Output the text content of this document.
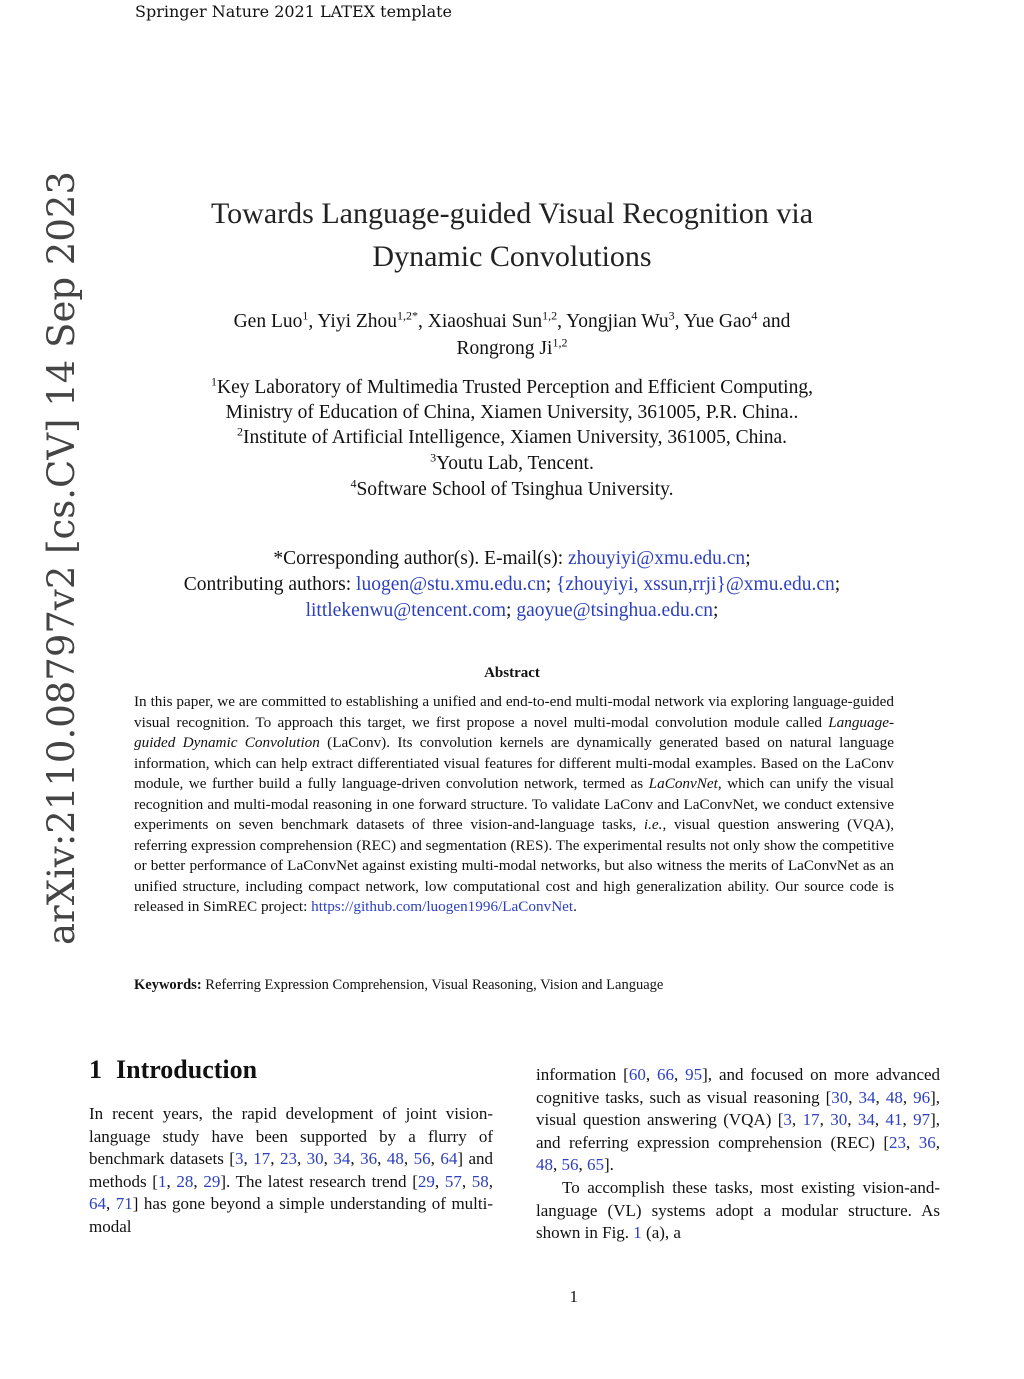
Springer Nature 2021 LATEX template
arXiv:2110.08797v2 [cs.CV] 14 Sep 2023	Towards Language-guided Visual Recognition via
Dynamic Convolutions
Gen Luo$^1$, Yiyi Zhou$^{1,2*}$, Xiaoshuai Sun$^{1,2}$, Yongjian Wu$^3$, Yue Gao$^4$ and
Rongrong Ji$^{1,2}$
$^1$Key Laboratory of Multimedia Trusted Perception and Efficient Computing,
Ministry of Education of China, Xiamen University, 361005, P.R. China..
$^2$Institute of Artificial Intelligence, Xiamen University, 361005, China.
$^3$Youtu Lab, Tencent.
$^4$Software School of Tsinghua University.
*Corresponding author(s). E-mail(s): zhouyiyi@xmu.edu.cn;
Contributing authors: luogen@stu.xmu.edu.cn; {zhouyiyi, xssun,rrji}@xmu.edu.cn;
littlekenwu@tencent.com; gaoyue@tsinghua.edu.cn;
Abstract
In this paper, we are committed to establishing a unified and end-to-end multi-modal network via exploring language-guided visual recognition. To approach this target, we first propose a novel multi-modal convolution module called Language-guided Dynamic Convolution (LaConv). Its convolution kernels are dynamically generated based on natural language information, which can help extract differentiated visual features for different multi-modal examples. Based on the LaConv module, we further build a fully language-driven convolution network, termed as LaConvNet, which can unify the visual recognition and multi-modal reasoning in one forward structure. To validate LaConv and LaConvNet, we conduct extensive experiments on seven benchmark datasets of three vision-and-language tasks, i.e., visual question answering (VQA), referring expression comprehension (REC) and segmentation (RES). The experimental results not only show the competitive or better performance of LaConvNet against existing multi-modal networks, but also witness the merits of LaConvNet as an unified structure, including compact network, low computational cost and high generalization ability. Our source code is released in SimREC project: https://github.com/luogen1996/LaConvNet.
Keywords: Referring Expression Comprehension, Visual Reasoning, Vision and Language
1 Introduction
In recent years, the rapid development of joint vision-language study have been supported by a flurry of benchmark datasets [3, 17, 23, 30, 34, 36, 48, 56, 64] and methods [1, 28, 29]. The latest research trend [29, 57, 58, 64, 71] has gone beyond a simple understanding of multi-modal
information [60, 66, 95], and focused on more advanced cognitive tasks, such as visual reasoning [30, 34, 48, 96], visual question answering (VQA) [3, 17, 30, 34, 41, 97], and referring expression comprehension (REC) [23, 36, 48, 56, 65].
To accomplish these tasks, most existing vision-and-language (VL) systems adopt a modular structure. As shown in Fig. 1 (a), a
1
